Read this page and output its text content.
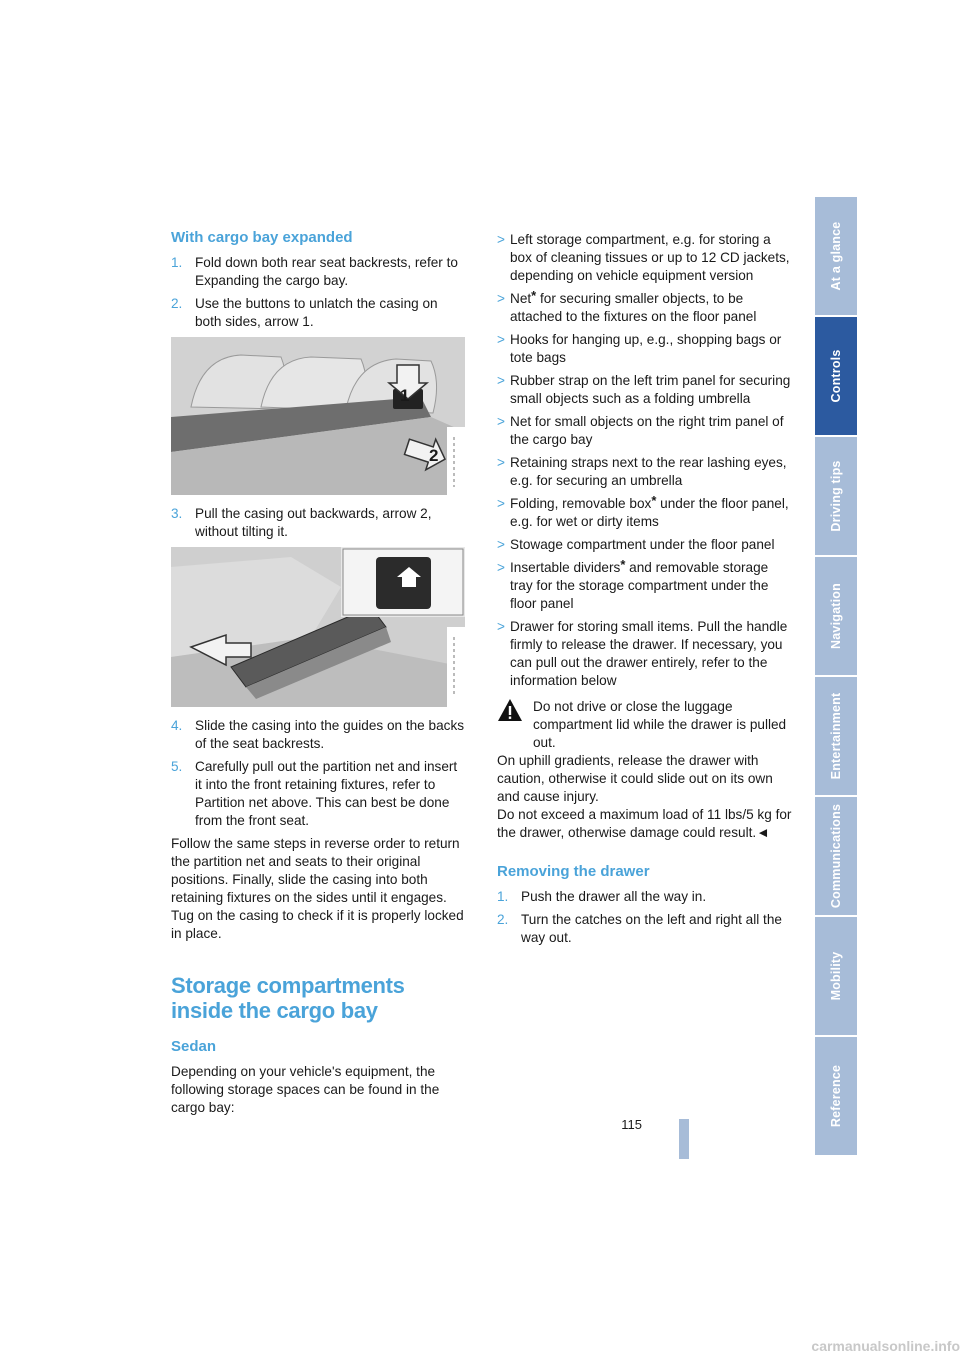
With cargo bay expanded
1. Fold down both rear seat backrests, refer to Expanding the cargo bay.
2. Use the buttons to unlatch the casing on both sides, arrow 1.
1
2
3. Pull the casing out backwards, arrow 2, without tilting it.
4. Slide the casing into the guides on the backs of the seat backrests.
5. Carefully pull out the partition net and insert it into the front retaining fixtures, refer to Partition net above. This can best be done from the front seat.

Follow the same steps in reverse order to return the partition net and seats to their original positions. Finally, slide the casing into both retaining fixtures on the sides until it engages. Tug on the casing to check if it is properly locked in place.

Storage compartments inside the cargo bay
Sedan

Depending on your vehicle's equipment, the following storage spaces can be found in the cargo bay:

> Left storage compartment, e.g. for storing a box of cleaning tissues or up to 12 CD jackets, depending on vehicle equipment version
> Net* for securing smaller objects, to be attached to the fixtures on the floor panel
> Hooks for hanging up, e.g., shopping bags or tote bags
> Rubber strap on the left trim panel for securing small objects such as a folding umbrella
> Net for small objects on the right trim panel of the cargo bay
> Retaining straps next to the rear lashing eyes, e.g. for securing an umbrella
> Folding, removable box* under the floor panel, e.g. for wet or dirty items
> Stowage compartment under the floor panel
> Insertable dividers* and removable storage tray for the storage compartment under the floor panel
> Drawer for storing small items. Pull the handle firmly to release the drawer. If necessary, you can pull out the drawer entirely, refer to the information below
Do not drive or close the luggage compartment lid while the drawer is pulled out.
On uphill gradients, release the drawer with caution, otherwise it could slide out on its own and cause injury.
Do not exceed a maximum load of 11 lbs/5 kg for the drawer, otherwise damage could result.◄
Removing the drawer
1. Push the drawer all the way in.
2. Turn the catches on the left and right all the way out.
At a glance
Controls
Driving tips
Navigation
Entertainment
Communications
Mobility
Reference
115
carmanualsonline.info
